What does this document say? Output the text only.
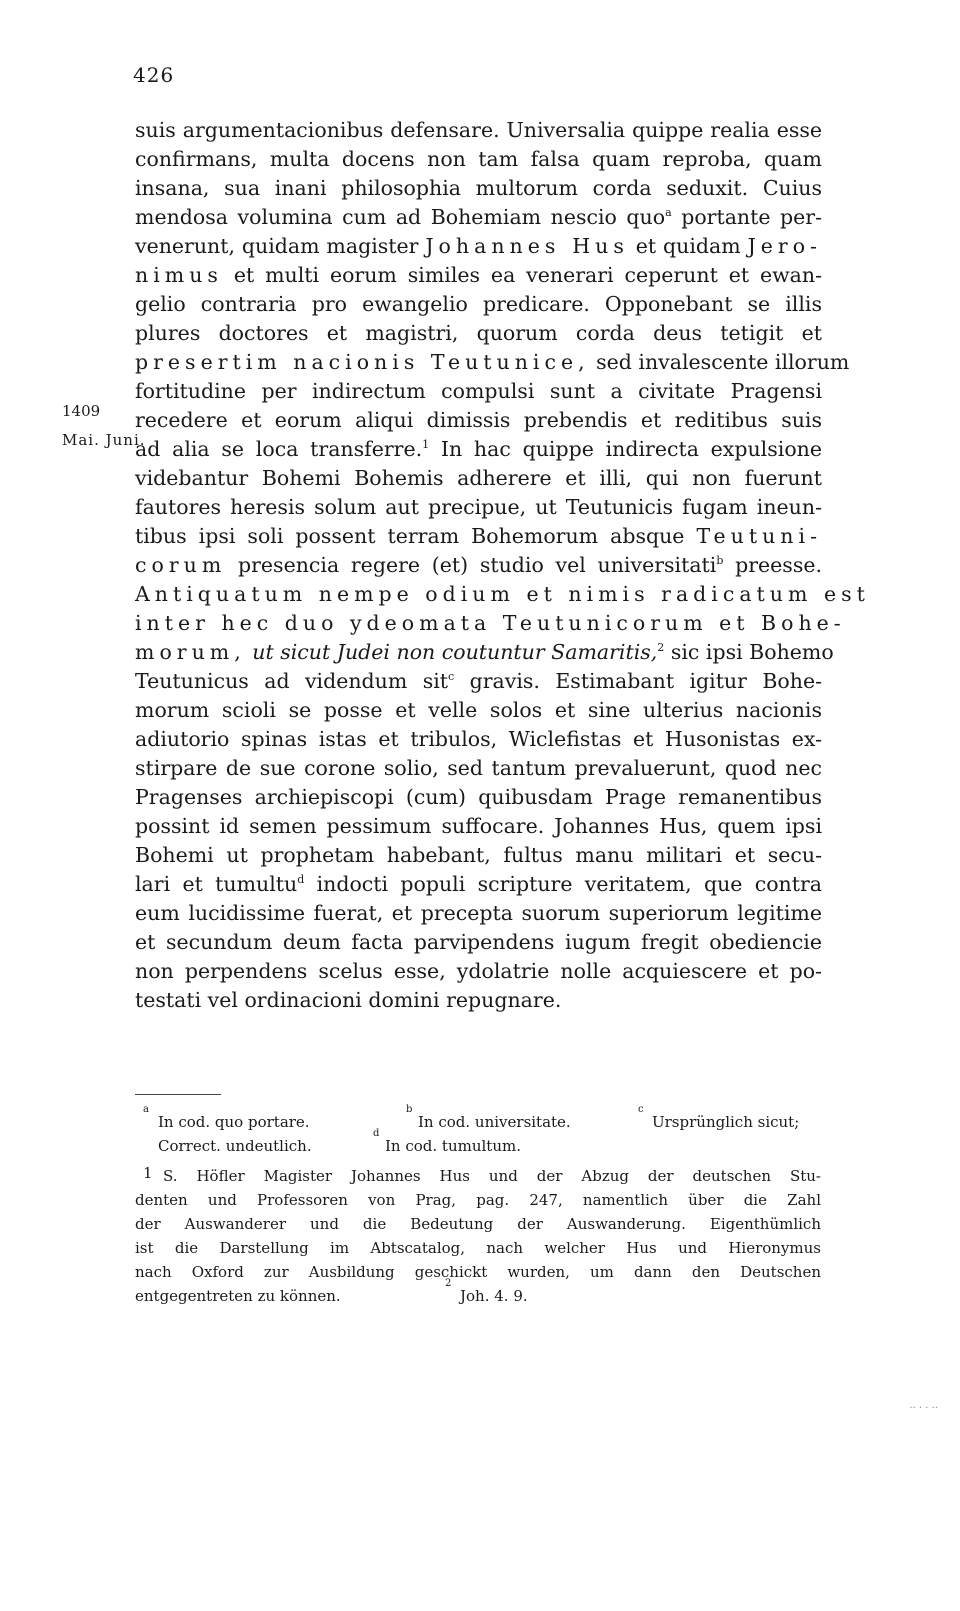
426
1409
Mai. Juni.
suis argumentacionibus defensare. Universalia quippe realia esse
confirmans, multa docens non tam falsa quam reproba, quam
insana, sua inani philosophia multorum corda seduxit. Cuius
mendosa volumina cum ad Bohemiam nescio quo$^a$ portante per-
venerunt, quidam magister Johannes Hus et quidam Jero-
nimus et multi eorum similes ea venerari ceperunt et ewan-
gelio contraria pro ewangelio predicare. Opponebant se illis
plures doctores et magistri, quorum corda deus tetigit et
presertim nacionis Teutunice, sed invalescente illorum
fortitudine per indirectum compulsi sunt a civitate Pragensi
recedere et eorum aliqui dimissis prebendis et reditibus suis
ad alia se loca transferre.$^1$ In hac quippe indirecta expulsione
videbantur Bohemi Bohemis adherere et illi, qui non fuerunt
fautores heresis solum aut precipue, ut Teutunicis fugam ineun-
tibus ipsi soli possent terram Bohemorum absque Teutuni-
corum presencia regere (et) studio vel universitati$^b$ preesse.
Antiquatum nempe odium et nimis radicatum est
inter hec duo ydeomata Teutunicorum et Bohe-
morum, ut sicut Judei non coutuntur Samaritis,$^2$ sic ipsi Bohemo
Teutunicus ad videndum sit$^c$ gravis. Estimabant igitur Bohe-
morum scioli se posse et velle solos et sine ulterius nacionis
adiutorio spinas istas et tribulos, Wiclefistas et Husonistas ex-
stirpare de sue corone solio, sed tantum prevaluerunt, quod nec
Pragenses archiepiscopi (cum) quibusdam Prage remanentibus
possint id semen pessimum suffocare. Johannes Hus, quem ipsi
Bohemi ut prophetam habebant, fultus manu militari et secu-
lari et tumultu$^d$ indocti populi scripture veritatem, que contra
eum lucidissime fuerat, et precepta suorum superiorum legitime
et secundum deum facta parvipendens iugum fregit obediencie
non perpendens scelus esse, ydolatrie nolle acquiescere et po-
testati vel ordinacioni domini repugnare.
a
In cod. quo portare.
b
In cod. universitate.
c
Ursprünglich sicut;
Correct. undeutlich.
d
In cod. tumultum.
1 S. Höfler Magister Johannes Hus und der Abzug der deutschen Stu-
denten und Professoren von Prag, pag. 247, namentlich über die Zahl
der Auswanderer und die Bedeutung der Auswanderung. Eigenthümlich
ist die Darstellung im Abtscatalog, nach welcher Hus und Hieronymus
nach Oxford zur Ausbildung geschickt wurden, um dann den Deutschen
entgegentreten zu können.
2
Joh. 4. 9.
·· · · ··
